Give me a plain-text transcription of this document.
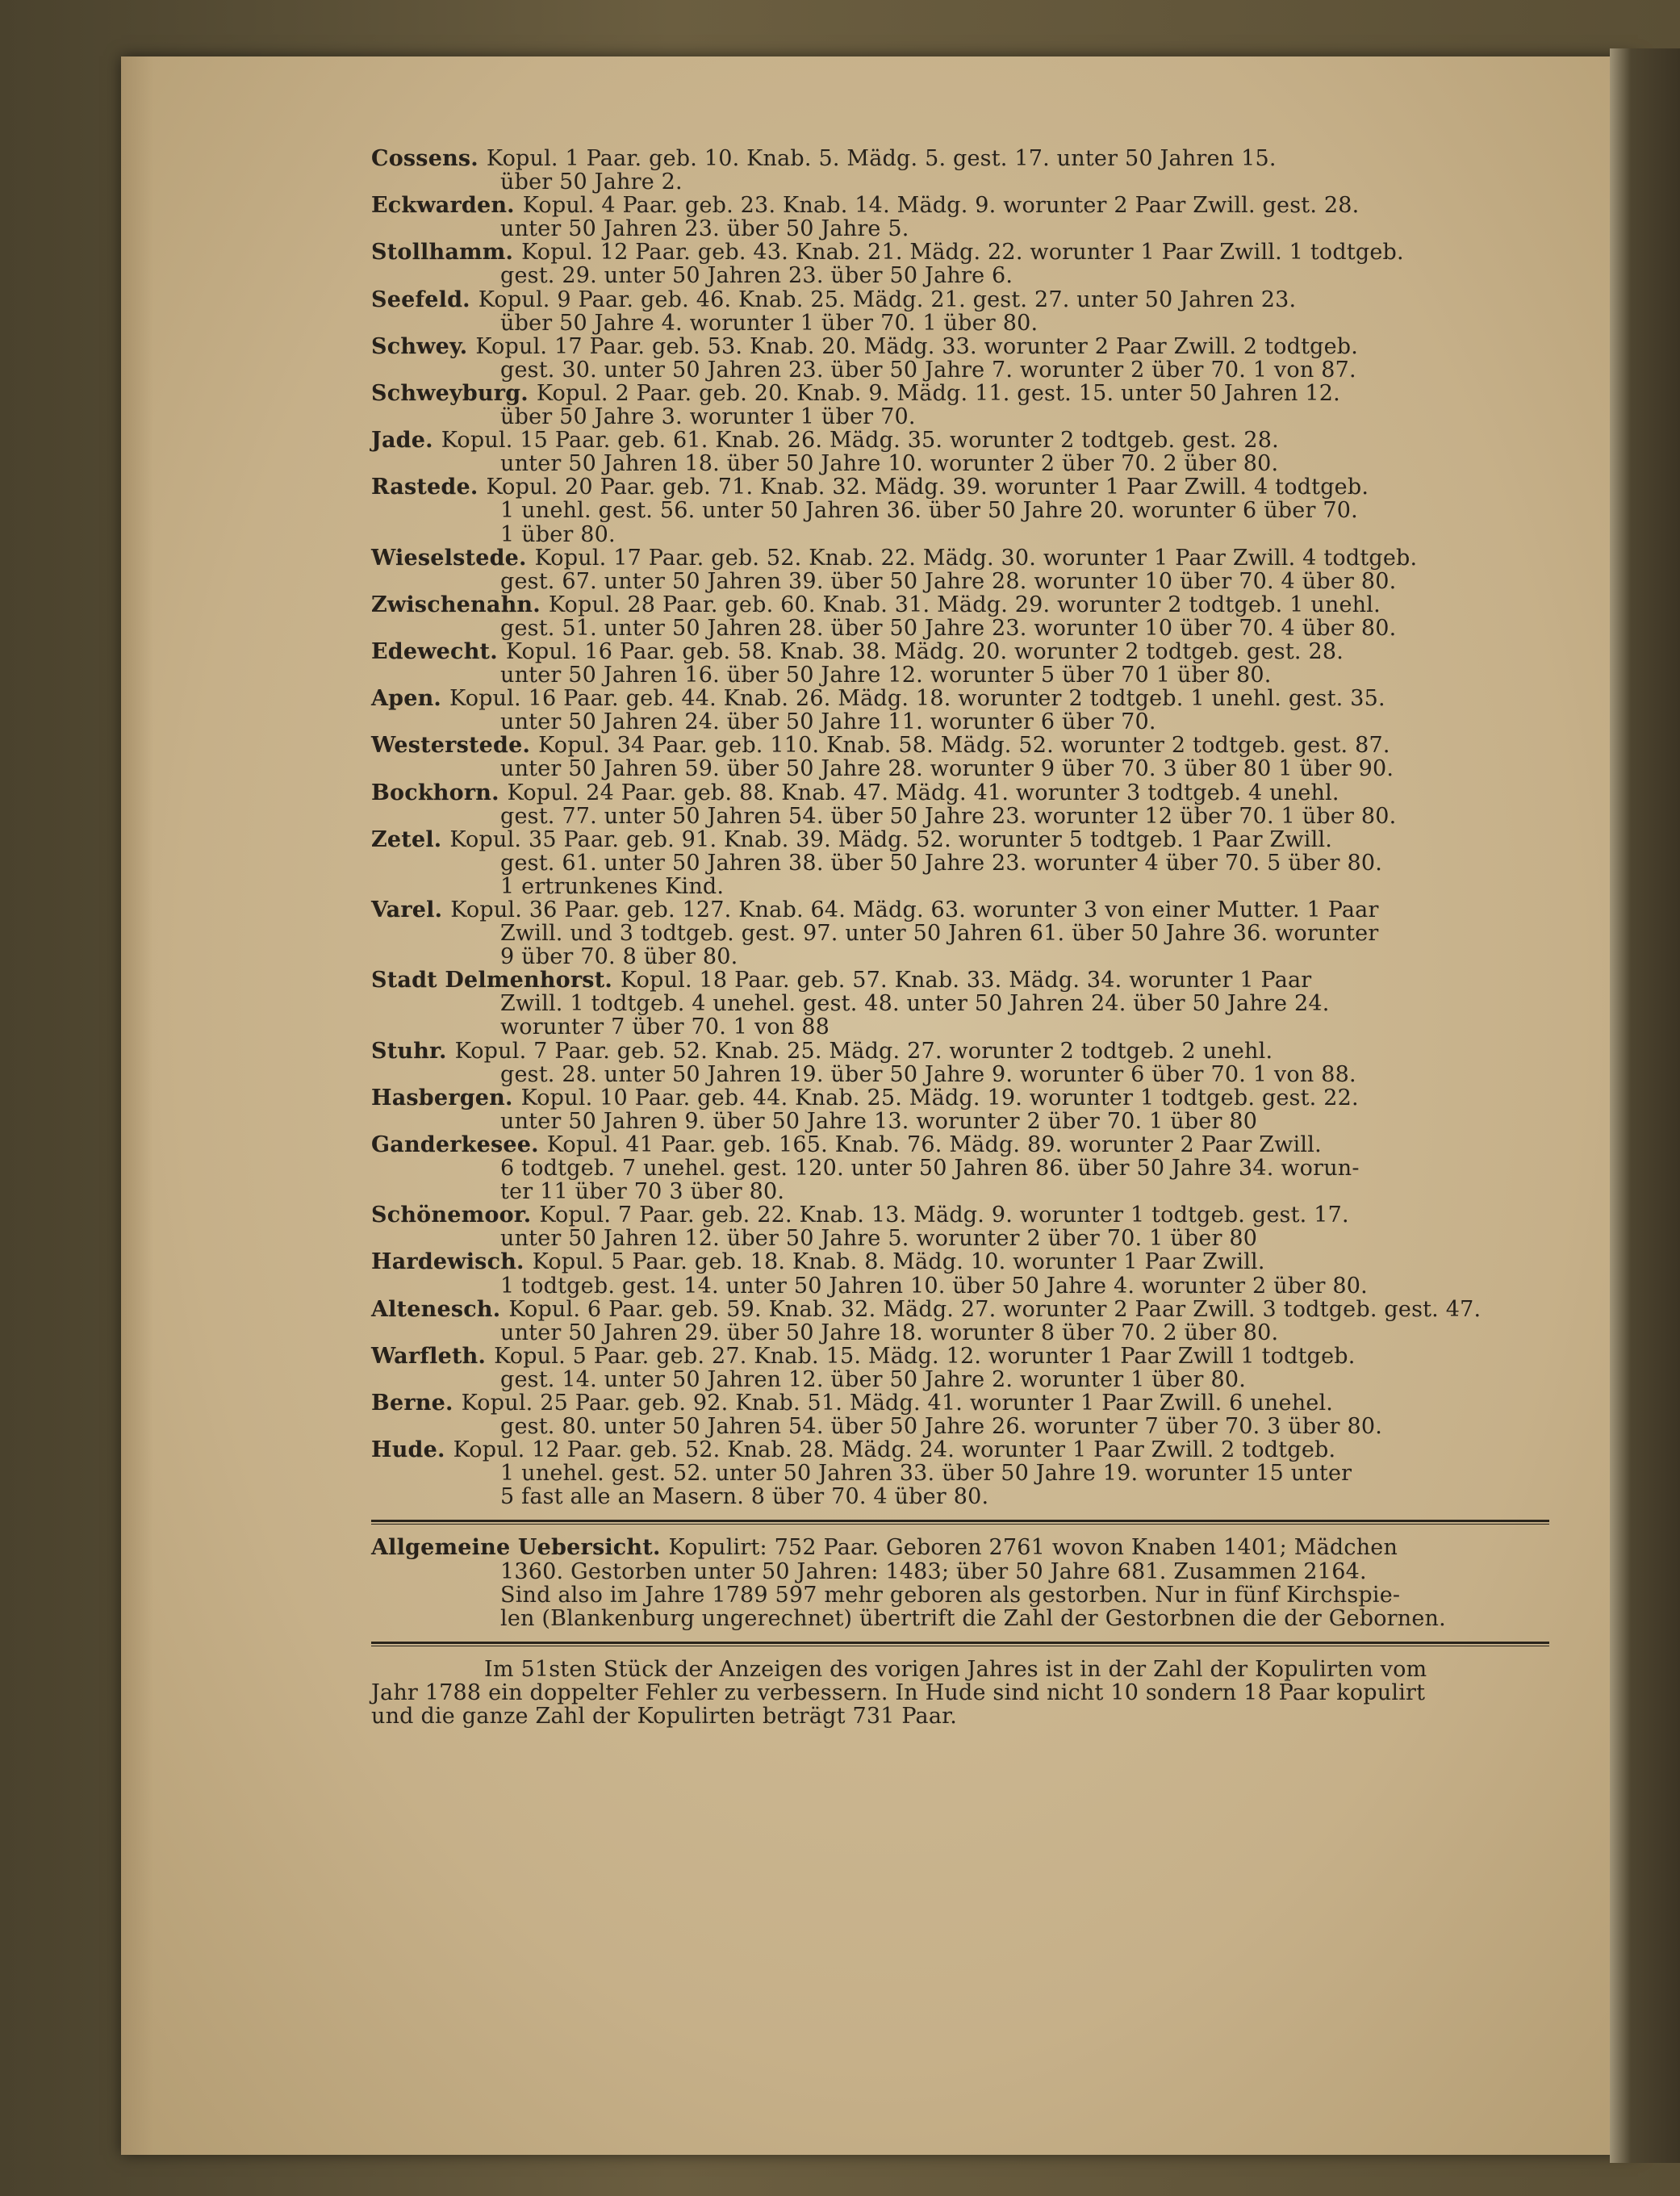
Cossens. Kopul. 1 Paar. geb. 10. Knab. 5. Mädg. 5. gest. 17. unter 50 Jahren 15.
über 50 Jahre 2.
Eckwarden. Kopul. 4 Paar. geb. 23. Knab. 14. Mädg. 9. worunter 2 Paar Zwill. gest. 28.
unter 50 Jahren 23. über 50 Jahre 5.
Stollhamm. Kopul. 12 Paar. geb. 43. Knab. 21. Mädg. 22. worunter 1 Paar Zwill. 1 todtgeb.
gest. 29. unter 50 Jahren 23. über 50 Jahre 6.
Seefeld. Kopul. 9 Paar. geb. 46. Knab. 25. Mädg. 21. gest. 27. unter 50 Jahren 23.
über 50 Jahre 4. worunter 1 über 70. 1 über 80.
Schwey. Kopul. 17 Paar. geb. 53. Knab. 20. Mädg. 33. worunter 2 Paar Zwill. 2 todtgeb.
gest. 30. unter 50 Jahren 23. über 50 Jahre 7. worunter 2 über 70. 1 von 87.
Schweyburg. Kopul. 2 Paar. geb. 20. Knab. 9. Mädg. 11. gest. 15. unter 50 Jahren 12.
über 50 Jahre 3. worunter 1 über 70.
Jade. Kopul. 15 Paar. geb. 61. Knab. 26. Mädg. 35. worunter 2 todtgeb. gest. 28.
unter 50 Jahren 18. über 50 Jahre 10. worunter 2 über 70. 2 über 80.
Rastede. Kopul. 20 Paar. geb. 71. Knab. 32. Mädg. 39. worunter 1 Paar Zwill. 4 todtgeb.
1 unehl. gest. 56. unter 50 Jahren 36. über 50 Jahre 20. worunter 6 über 70.
1 über 80.
Wieselstede. Kopul. 17 Paar. geb. 52. Knab. 22. Mädg. 30. worunter 1 Paar Zwill. 4 todtgeb.
gest. 67. unter 50 Jahren 39. über 50 Jahre 28. worunter 10 über 70. 4 über 80.
Zwischenahn. Kopul. 28 Paar. geb. 60. Knab. 31. Mädg. 29. worunter 2 todtgeb. 1 unehl.
gest. 51. unter 50 Jahren 28. über 50 Jahre 23. worunter 10 über 70. 4 über 80.
Edewecht. Kopul. 16 Paar. geb. 58. Knab. 38. Mädg. 20. worunter 2 todtgeb. gest. 28.
unter 50 Jahren 16. über 50 Jahre 12. worunter 5 über 70 1 über 80.
Apen. Kopul. 16 Paar. geb. 44. Knab. 26. Mädg. 18. worunter 2 todtgeb. 1 unehl. gest. 35.
unter 50 Jahren 24. über 50 Jahre 11. worunter 6 über 70.
Westerstede. Kopul. 34 Paar. geb. 110. Knab. 58. Mädg. 52. worunter 2 todtgeb. gest. 87.
unter 50 Jahren 59. über 50 Jahre 28. worunter 9 über 70. 3 über 80 1 über 90.
Bockhorn. Kopul. 24 Paar. geb. 88. Knab. 47. Mädg. 41. worunter 3 todtgeb. 4 unehl.
gest. 77. unter 50 Jahren 54. über 50 Jahre 23. worunter 12 über 70. 1 über 80.
Zetel. Kopul. 35 Paar. geb. 91. Knab. 39. Mädg. 52. worunter 5 todtgeb. 1 Paar Zwill.
gest. 61. unter 50 Jahren 38. über 50 Jahre 23. worunter 4 über 70. 5 über 80.
1 ertrunkenes Kind.
Varel. Kopul. 36 Paar. geb. 127. Knab. 64. Mädg. 63. worunter 3 von einer Mutter. 1 Paar
Zwill. und 3 todtgeb. gest. 97. unter 50 Jahren 61. über 50 Jahre 36. worunter
9 über 70. 8 über 80.
Stadt Delmenhorst. Kopul. 18 Paar. geb. 57. Knab. 33. Mädg. 34. worunter 1 Paar
Zwill. 1 todtgeb. 4 unehel. gest. 48. unter 50 Jahren 24. über 50 Jahre 24.
worunter 7 über 70. 1 von 88
Stuhr. Kopul. 7 Paar. geb. 52. Knab. 25. Mädg. 27. worunter 2 todtgeb. 2 unehl.
gest. 28. unter 50 Jahren 19. über 50 Jahre 9. worunter 6 über 70. 1 von 88.
Hasbergen. Kopul. 10 Paar. geb. 44. Knab. 25. Mädg. 19. worunter 1 todtgeb. gest. 22.
unter 50 Jahren 9. über 50 Jahre 13. worunter 2 über 70. 1 über 80
Ganderkesee. Kopul. 41 Paar. geb. 165. Knab. 76. Mädg. 89. worunter 2 Paar Zwill.
6 todtgeb. 7 unehel. gest. 120. unter 50 Jahren 86. über 50 Jahre 34. worun-
ter 11 über 70 3 über 80.
Schönemoor. Kopul. 7 Paar. geb. 22. Knab. 13. Mädg. 9. worunter 1 todtgeb. gest. 17.
unter 50 Jahren 12. über 50 Jahre 5. worunter 2 über 70. 1 über 80
Hardewisch. Kopul. 5 Paar. geb. 18. Knab. 8. Mädg. 10. worunter 1 Paar Zwill.
1 todtgeb. gest. 14. unter 50 Jahren 10. über 50 Jahre 4. worunter 2 über 80.
Altenesch. Kopul. 6 Paar. geb. 59. Knab. 32. Mädg. 27. worunter 2 Paar Zwill. 3 todtgeb. gest. 47.
unter 50 Jahren 29. über 50 Jahre 18. worunter 8 über 70. 2 über 80.
Warfleth. Kopul. 5 Paar. geb. 27. Knab. 15. Mädg. 12. worunter 1 Paar Zwill 1 todtgeb.
gest. 14. unter 50 Jahren 12. über 50 Jahre 2. worunter 1 über 80.
Berne. Kopul. 25 Paar. geb. 92. Knab. 51. Mädg. 41. worunter 1 Paar Zwill. 6 unehel.
gest. 80. unter 50 Jahren 54. über 50 Jahre 26. worunter 7 über 70. 3 über 80.
Hude. Kopul. 12 Paar. geb. 52. Knab. 28. Mädg. 24. worunter 1 Paar Zwill. 2 todtgeb.
1 unehel. gest. 52. unter 50 Jahren 33. über 50 Jahre 19. worunter 15 unter
5 fast alle an Masern. 8 über 70. 4 über 80.
Allgemeine Uebersicht. Kopulirt: 752 Paar. Geboren 2761 wovon Knaben 1401; Mädchen
1360. Gestorben unter 50 Jahren: 1483; über 50 Jahre 681. Zusammen 2164.
Sind also im Jahre 1789 597 mehr geboren als gestorben. Nur in fünf Kirchspie-
len (Blankenburg ungerechnet) übertrift die Zahl der Gestorbnen die der Gebornen.
Im 51sten Stück der Anzeigen des vorigen Jahres ist in der Zahl der Kopulirten vom
Jahr 1788 ein doppelter Fehler zu verbessern. In Hude sind nicht 10 sondern 18 Paar kopulirt
und die ganze Zahl der Kopulirten beträgt 731 Paar.
